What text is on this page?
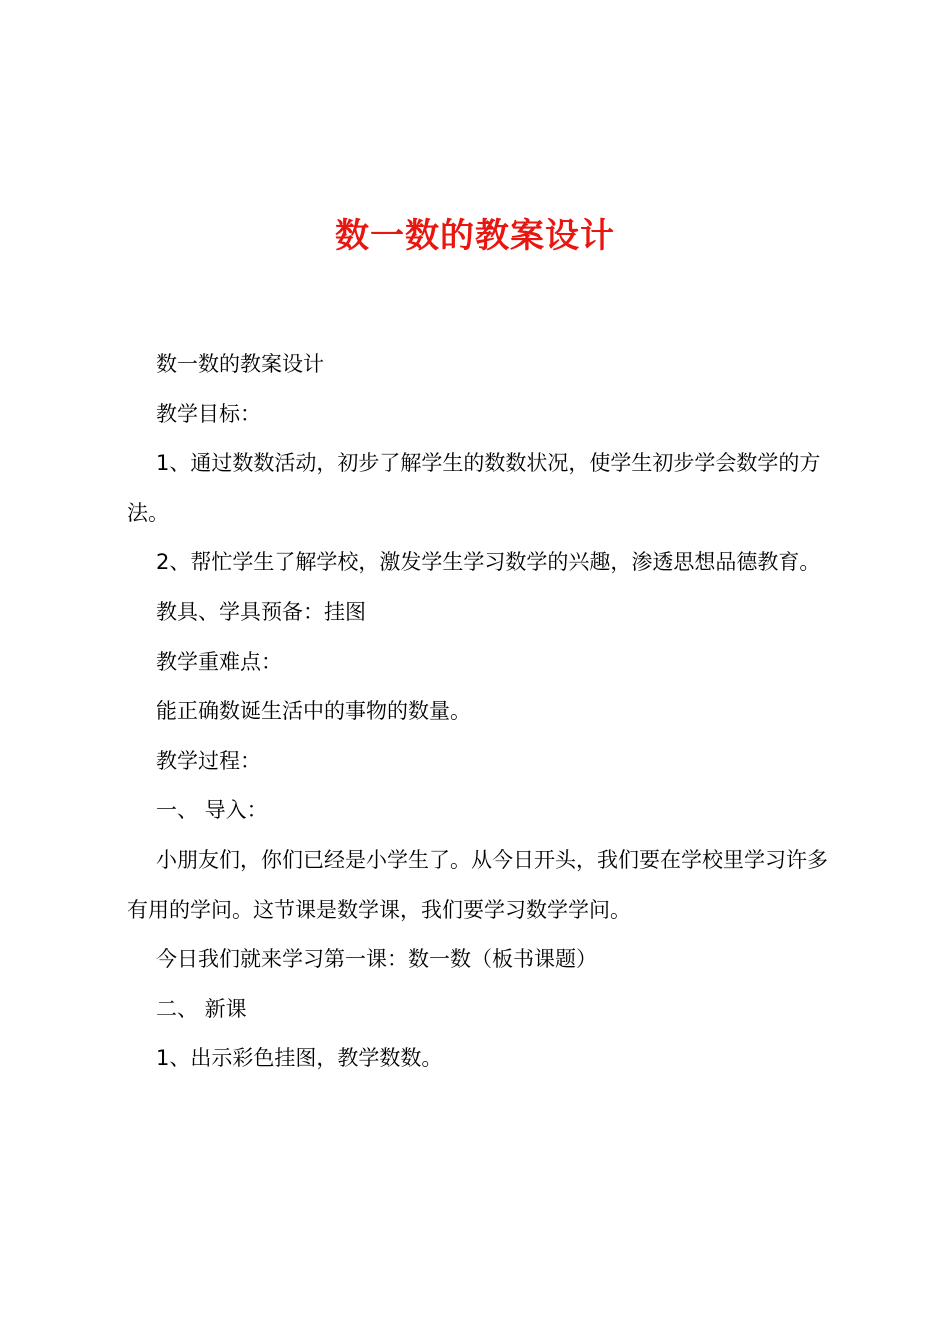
数一数的教案设计

数一数的教案设计

教学目标：

1、通过数数活动，初步了解学生的数数状况，使学生初步学会数学的方法。

2、帮忙学生了解学校，激发学生学习数学的兴趣，渗透思想品德教育。

教具、学具预备：挂图

教学重难点：

能正确数诞生活中的事物的数量。

教学过程：

一、 导入：

小朋友们，你们已经是小学生了。从今日开头，我们要在学校里学习许多有用的学问。这节课是数学课，我们要学习数学学问。

今日我们就来学习第一课：数一数（板书课题）

二、 新课

1、出示彩色挂图，教学数数。
